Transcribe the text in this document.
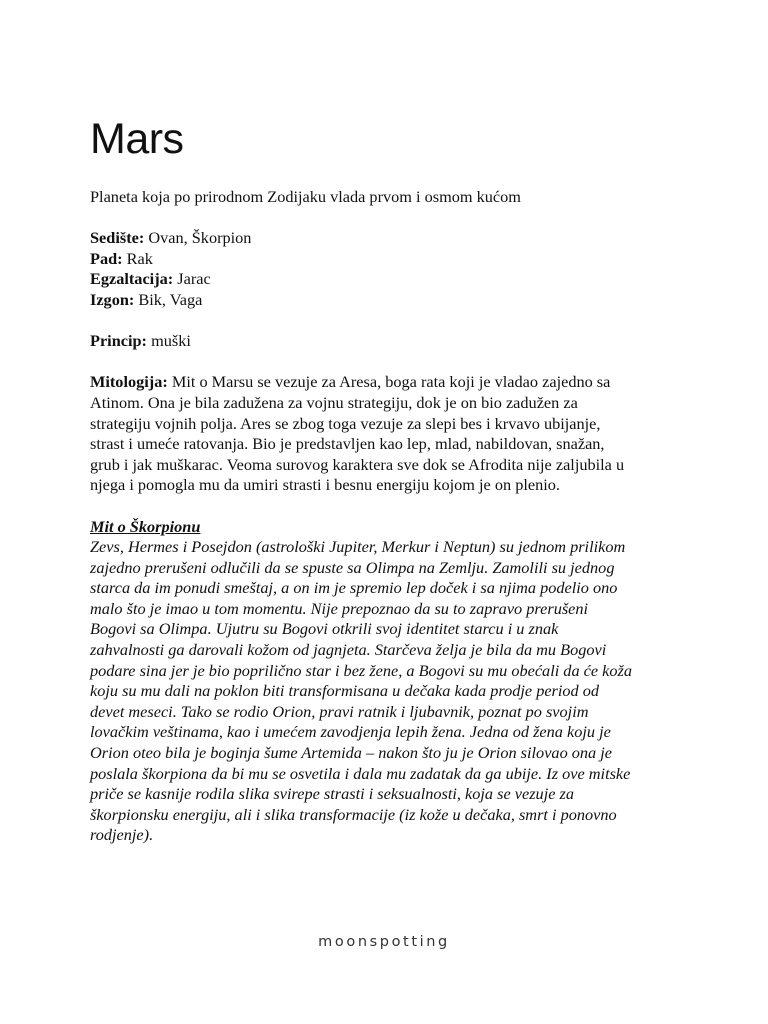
Mars

Planeta koja po prirodnom Zodijaku vlada prvom i osmom kućom

Sedište: Ovan, Škorpion

Pad: Rak

Egzaltacija: Jarac

Izgon: Bik, Vaga

Princip: muški

Mitologija: Mit o Marsu se vezuje za Aresa, boga rata koji je vladao zajedno sa

Atinom. Ona je bila zadužena za vojnu strategiju, dok je on bio zadužen za

strategiju vojnih polja. Ares se zbog toga vezuje za slepi bes i krvavo ubijanje,

strast i umeće ratovanja. Bio je predstavljen kao lep, mlad, nabildovan, snažan,

grub i jak muškarac. Veoma surovog karaktera sve dok se Afrodita nije zaljubila u

njega i pomogla mu da umiri strasti i besnu energiju kojom je on plenio.

Mit o Škorpionu

Zevs, Hermes i Posejdon (astrološki Jupiter, Merkur i Neptun) su jednom prilikom

zajedno prerušeni odlučili da se spuste sa Olimpa na Zemlju. Zamolili su jednog

starca da im ponudi smeštaj, a on im je spremio lep doček i sa njima podelio ono

malo što je imao u tom momentu. Nije prepoznao da su to zapravo prerušeni

Bogovi sa Olimpa. Ujutru su Bogovi otkrili svoj identitet starcu i u znak

zahvalnosti ga darovali kožom od jagnjeta. Starčeva želja je bila da mu Bogovi

podare sina jer je bio poprilično star i bez žene, a Bogovi su mu obećali da će koža

koju su mu dali na poklon biti transformisana u dečaka kada prodje period od

devet meseci. Tako se rodio Orion, pravi ratnik i ljubavnik, poznat po svojim

lovačkim veštinama, kao i umećem zavodjenja lepih žena. Jedna od žena koju je

Orion oteo bila je boginja šume Artemida – nakon što ju je Orion silovao ona je

poslala škorpiona da bi mu se osvetila i dala mu zadatak da ga ubije. Iz ove mitske

priče se kasnije rodila slika svirepe strasti i seksualnosti, koja se vezuje za

škorpionsku energiju, ali i slika transformacije (iz kože u dečaka, smrt i ponovno

rodjenje).

moonspotting
